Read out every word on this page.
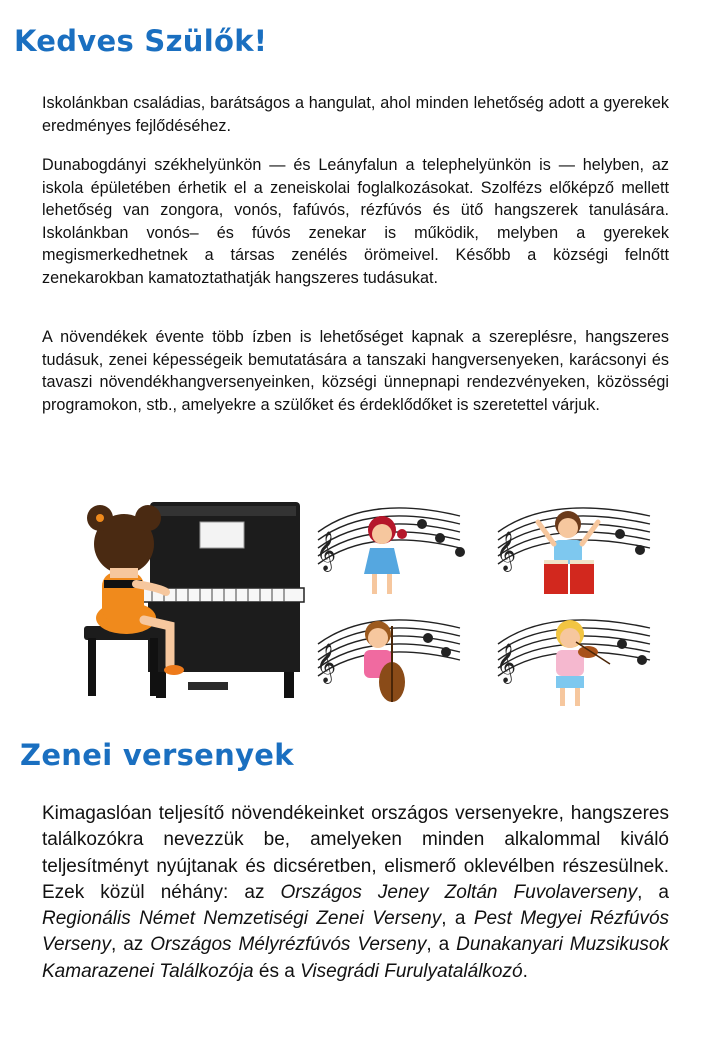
Kedves Szülők!
Iskolánkban családias, barátságos a hangulat, ahol minden lehetőség adott a gyerekek eredményes fejlődéséhez.
Dunabogdányi székhelyünkön — és Leányfalun a telephelyünkön is — helyben, az iskola épületében érhetik el a zeneiskolai foglalkozásokat. Szolfézs előképző mellett lehetőség van zongora, vonós, fafúvós, rézfúvós és ütő hangszerek tanulására. Iskolánkban vonós– és fúvós zenekar is működik, melyben a gyerekek megismerkedhetnek a társas zenélés örömeivel. Később a községi felnőtt zenekarokban kamatoztathatják hangszeres tudásukat.
A növendékek évente több ízben is lehetőséget kapnak a szereplésre, hangszeres tudásuk, zenei képességeik bemutatására a tanszaki hangversenyeken, karácsonyi és tavaszi növendékhangversenyeinken, községi ünnepnapi rendezvényeken, közösségi programokon, stb., amelyekre a szülőket és érdeklődőket is szeretettel várjuk.
𝄞	𝄞
𝄞	𝄞
Zenei versenyek
Kimagaslóan teljesítő növendékeinket országos versenyekre, hangszeres találkozókra nevezzük be, amelyeken minden alkalommal kiváló teljesítményt nyújtanak és dicséretben, elismerő oklevélben részesülnek. Ezek közül néhány: az Országos Jeney Zoltán Fuvolaverseny, a Regionális Német Nemzetiségi Zenei Verseny, a Pest Megyei Rézfúvós Verseny, az Országos Mélyrézfúvós Verseny, a Dunakanyari Muzsikusok Kamarazenei Találkozója és a Visegrádi Furulyatalálkozó.
